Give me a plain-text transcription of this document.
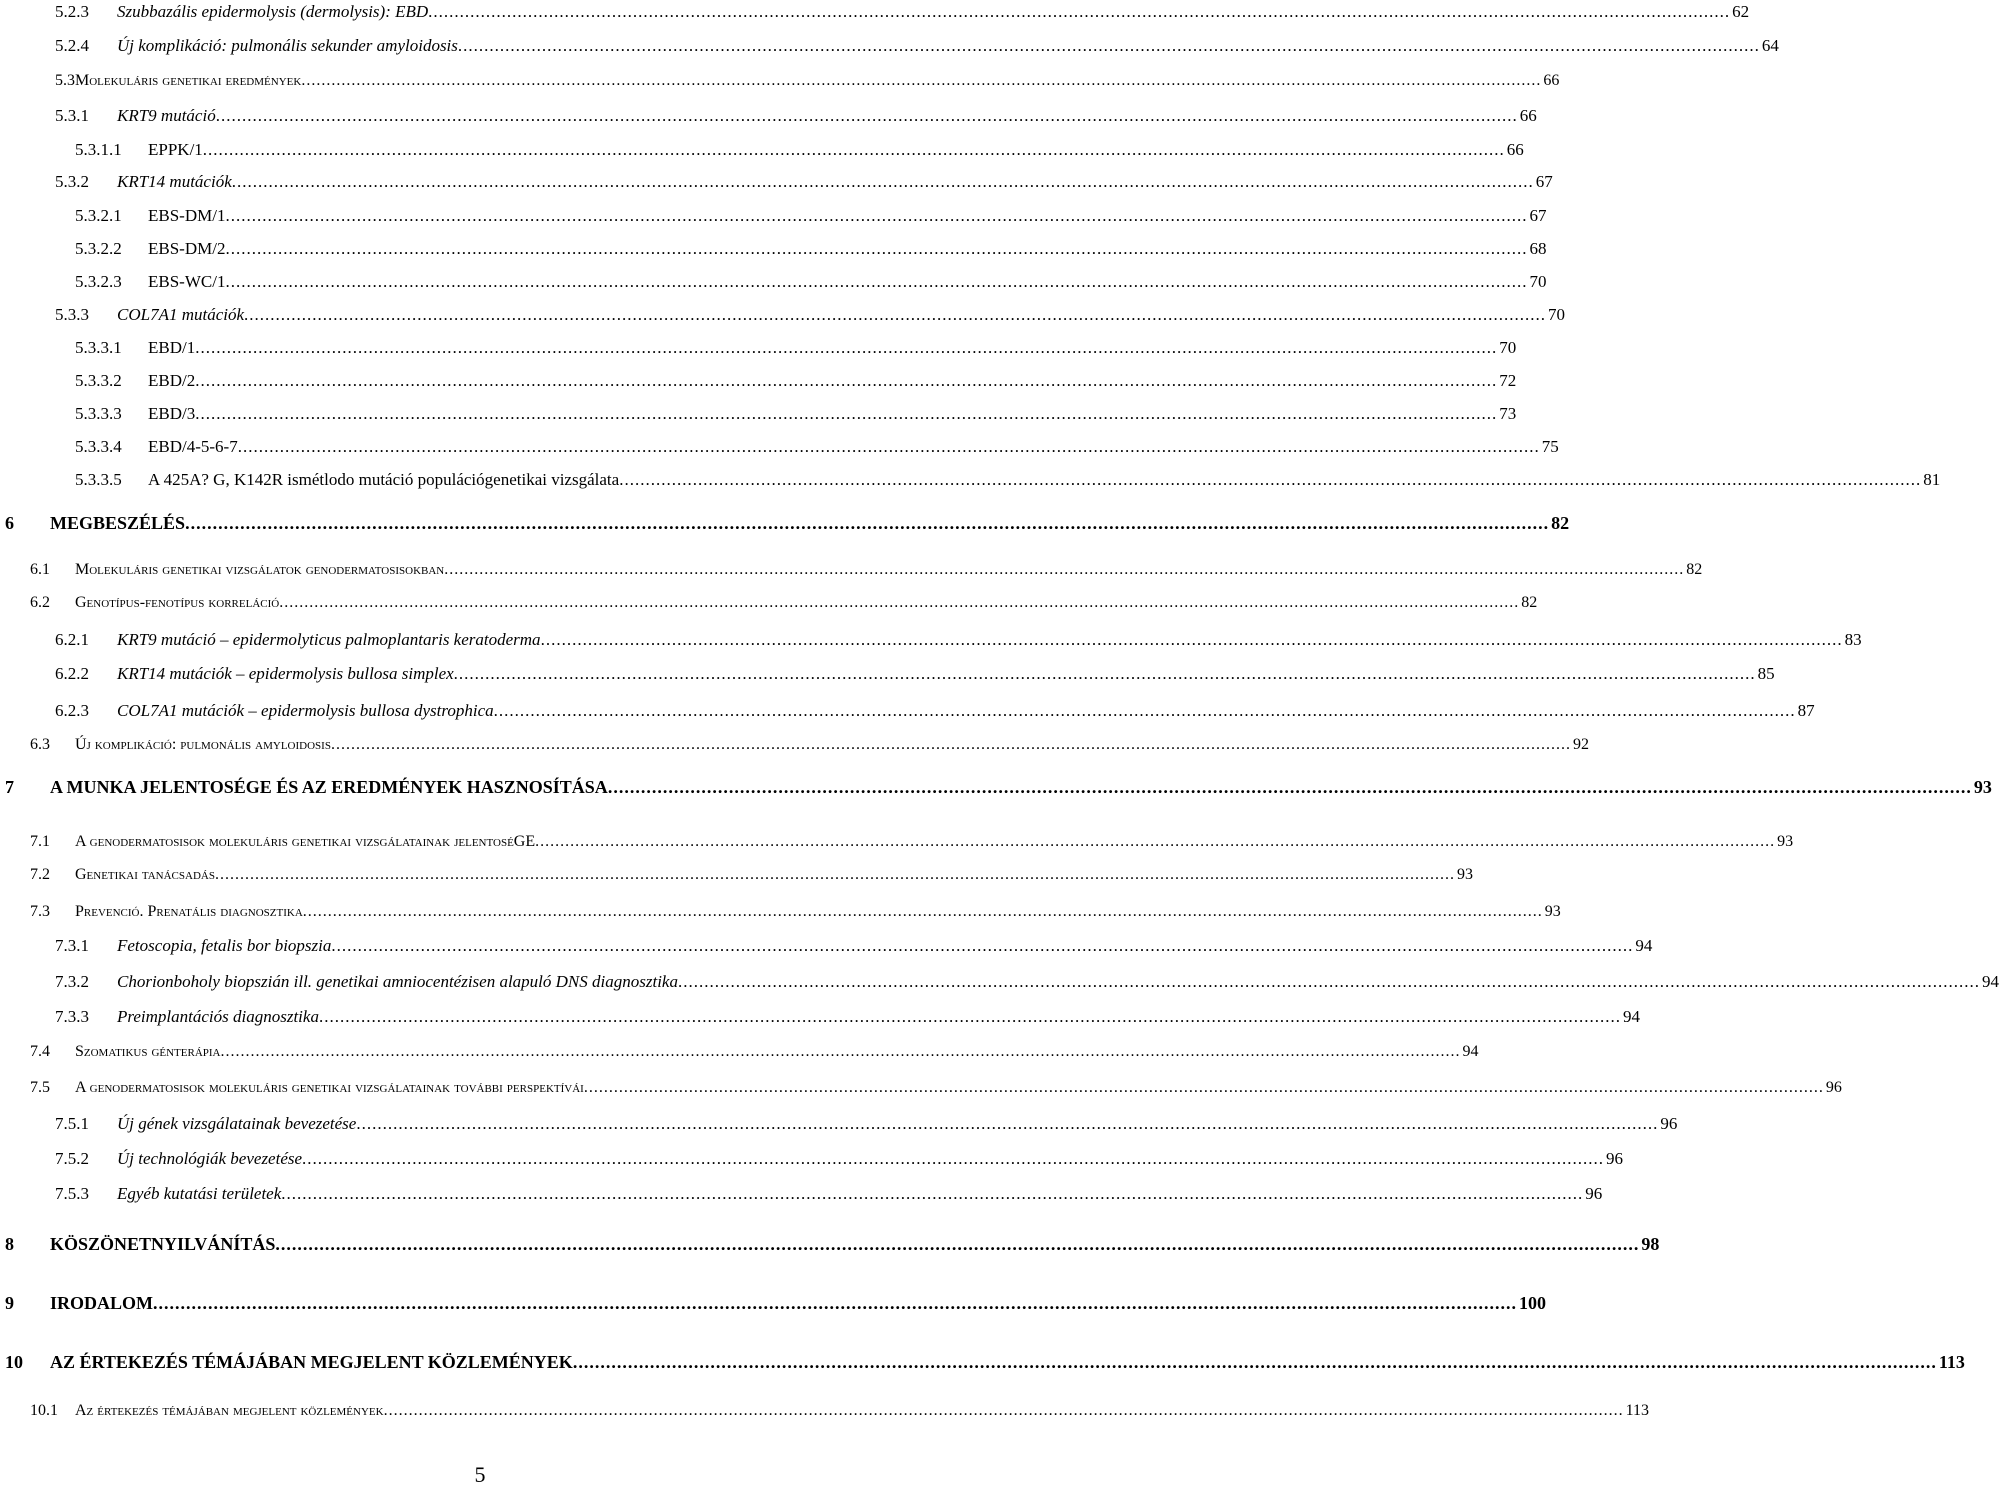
5.2.3	Szubbazális epidermolysis (dermolysis): EBD .....	62
5.2.4	Új komplikáció: pulmonális sekunder amyloidosis .....	64
5.3 Molekuláris genetikai eredmények .....	66
5.3.1	KRT9 mutáció .....	66
5.3.1.1	EPPK/1 .....	66
5.3.2	KRT14 mutációk .....	67
5.3.2.1	EBS-DM/1 .....	67
5.3.2.2	EBS-DM/2 .....	68
5.3.2.3	EBS-WC/1 .....	70
5.3.3	COL7A1 mutációk .....	70
5.3.3.1	EBD/1 .....	70
5.3.3.2	EBD/2 .....	72
5.3.3.3	EBD/3 .....	73
5.3.3.4	EBD/4-5-6-7 .....	75
5.3.3.5	A 425A? G, K142R ismétlodo mutáció populációgenetikai vizsgálata .....	81
6	MEGBESZÉLÉS .....	82
6.1	Molekuláris genetikai vizsgálatok genodermatosisokban .....	82
6.2	Genotípus-fenotípus korreláció .....	82
6.2.1	KRT9 mutáció – epidermolyticus palmoplantaris keratoderma .....	83
6.2.2	KRT14 mutációk – epidermolysis bullosa simplex .....	85
6.2.3	COL7A1 mutációk – epidermolysis bullosa dystrophica .....	87
6.3	Új komplikáció: pulmonális amyloidosis .....	92
7	A MUNKA JELENTOSÉGE ÉS AZ EREDMÉNYEK HASZNOSÍTÁSA .....	93
7.1	A genodermatosisok molekuláris genetikai vizsgálatainak jelentoséGE .....	93
7.2	Genetikai tanácsadás .....	93
7.3	Prevenció. Prenatális diagnosztika .....	93
7.3.1	Fetoscopia, fetalis bor biopszia .....	94
7.3.2	Chorionboholy biopszián ill. genetikai amniocentézisen alapuló DNS diagnosztika .....	94
7.3.3	Preimplantációs diagnosztika .....	94
7.4	Szomatikus génterápia .....	94
7.5	A genodermatosisok molekuláris genetikai vizsgálatainak további perspektívái .....	96
7.5.1	Új gének vizsgálatainak bevezetése .....	96
7.5.2	Új technológiák bevezetése .....	96
7.5.3	Egyéb kutatási területek .....	96
8	KÖSZÖNETNYILVÁNÍTÁS .....	98
9	IRODALOM .....	100
10	AZ ÉRTEKEZÉS TÉMÁJÁBAN MEGJELENT KÖZLEMÉNYEK .....	113
10.1	Az értekezés témájában megjelent közlemények .....	113
5
